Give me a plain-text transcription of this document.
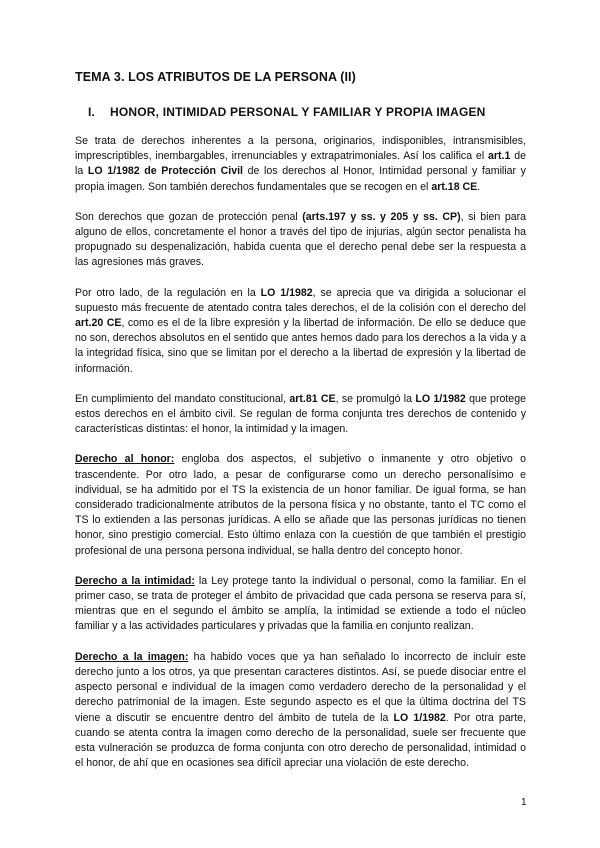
TEMA 3. LOS ATRIBUTOS DE LA PERSONA (II)
I.	HONOR, INTIMIDAD PERSONAL Y FAMILIAR Y PROPIA IMAGEN

Se trata de derechos inherentes a la persona, originarios, indisponibles, intransmisibles, imprescriptibles, inembargables, irrenunciables y extrapatrimoniales. Así los califica el art.1 de la LO 1/1982 de Protección Civil de los derechos al Honor, Intimidad personal y familiar y propia imagen. Son también derechos fundamentales que se recogen en el art.18 CE.

Son derechos que gozan de protección penal (arts.197 y ss. y 205 y ss. CP), si bien para alguno de ellos, concretamente el honor a través del tipo de injurias, algún sector penalista ha propugnado su despenalización, habida cuenta que el derecho penal debe ser la respuesta a las agresiones más graves.

Por otro lado, de la regulación en la LO 1/1982, se aprecia que va dirigida a solucionar el supuesto más frecuente de atentado contra tales derechos, el de la colisión con el derecho del art.20 CE, como es el de la libre expresión y la libertad de información. De ello se deduce que no son, derechos absolutos en el sentido que antes hemos dado para los derechos a la vida y a la integridad física, sino que se limitan por el derecho a la libertad de expresión y la libertad de información.

En cumplimiento del mandato constitucional, art.81 CE, se promulgó la LO 1/1982 que protege estos derechos en el ámbito civil. Se regulan de forma conjunta tres derechos de contenido y características distintas: el honor, la intimidad y la imagen.

Derecho al honor: engloba dos aspectos, el subjetivo o inmanente y otro objetivo o trascendente. Por otro lado, a pesar de configurarse como un derecho personalísimo e individual, se ha admitido por el TS la existencia de un honor familiar. De igual forma, se han considerado tradicionalmente atributos de la persona física y no obstante, tanto el TC como el TS lo extienden a las personas jurídicas. A ello se añade que las personas jurídicas no tienen honor, sino prestigio comercial. Esto último enlaza con la cuestión de que también el prestigio profesional de una persona persona individual, se halla dentro del concepto honor.

Derecho a la intimidad: la Ley protege tanto la individual o personal, como la familiar. En el primer caso, se trata de proteger el ámbito de privacidad que cada persona se reserva para sí, mientras que en el segundo el ámbito se amplía, la intimidad se extiende a todo el núcleo familiar y a las actividades particulares y privadas que la familia en conjunto realizan.

Derecho a la imagen: ha habido voces que ya han señalado lo incorrecto de incluir este derecho junto a los otros, ya que presentan caracteres distintos. Así, se puede disociar entre el aspecto personal e individual de la imagen como verdadero derecho de la personalidad y el derecho patrimonial de la imagen. Este segundo aspecto es el que la última doctrina del TS viene a discutir se encuentre dentro del ámbito de tutela de la LO 1/1982. Por otra parte, cuando se atenta contra la imagen como derecho de la personalidad, suele ser frecuente que esta vulneración se produzca de forma conjunta con otro derecho de personalidad, intimidad o el honor, de ahí que en ocasiones sea difícil apreciar una violación de este derecho.

1
